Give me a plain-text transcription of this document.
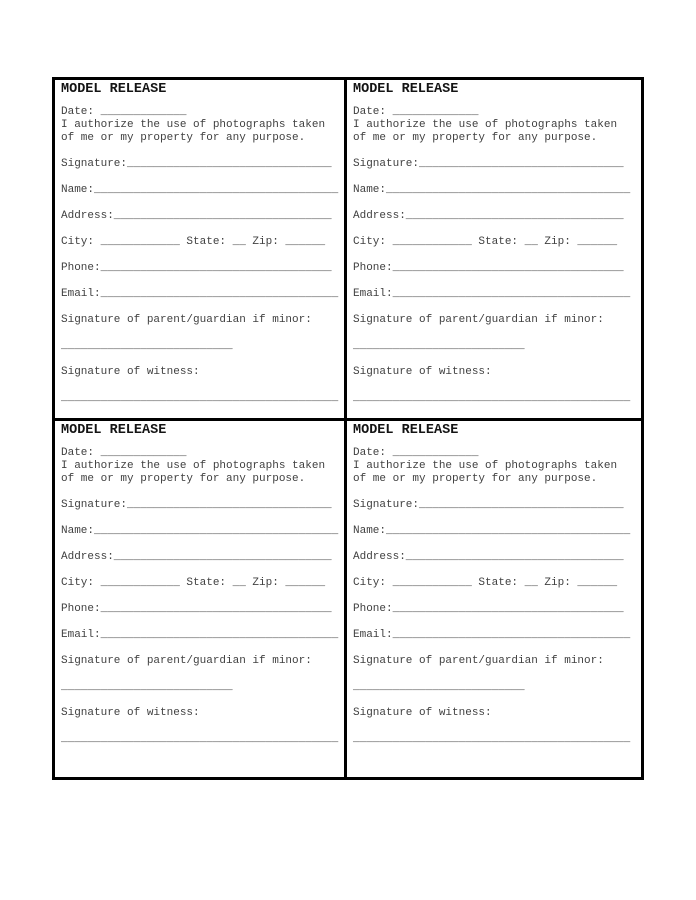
MODEL RELEASE
Date: _____________
I authorize the use of photographs taken
of me or my property for any purpose.
Signature:_______________________________
Name:_____________________________________
Address:_________________________________
City: ____________ State: __ Zip: ______
Phone:___________________________________
Email:____________________________________
Signature of parent/guardian if minor:
__________________________
Signature of witness:
__________________________________________
MODEL RELEASE
Date: _____________
I authorize the use of photographs taken
of me or my property for any purpose.
Signature:_______________________________
Name:_____________________________________
Address:_________________________________
City: ____________ State: __ Zip: ______
Phone:___________________________________
Email:____________________________________
Signature of parent/guardian if minor:
__________________________
Signature of witness:
__________________________________________
MODEL RELEASE
Date: _____________
I authorize the use of photographs taken
of me or my property for any purpose.
Signature:_______________________________
Name:_____________________________________
Address:_________________________________
City: ____________ State: __ Zip: ______
Phone:___________________________________
Email:____________________________________
Signature of parent/guardian if minor:
__________________________
Signature of witness:
__________________________________________
MODEL RELEASE
Date: _____________
I authorize the use of photographs taken
of me or my property for any purpose.
Signature:_______________________________
Name:_____________________________________
Address:_________________________________
City: ____________ State: __ Zip: ______
Phone:___________________________________
Email:____________________________________
Signature of parent/guardian if minor:
__________________________
Signature of witness:
__________________________________________
